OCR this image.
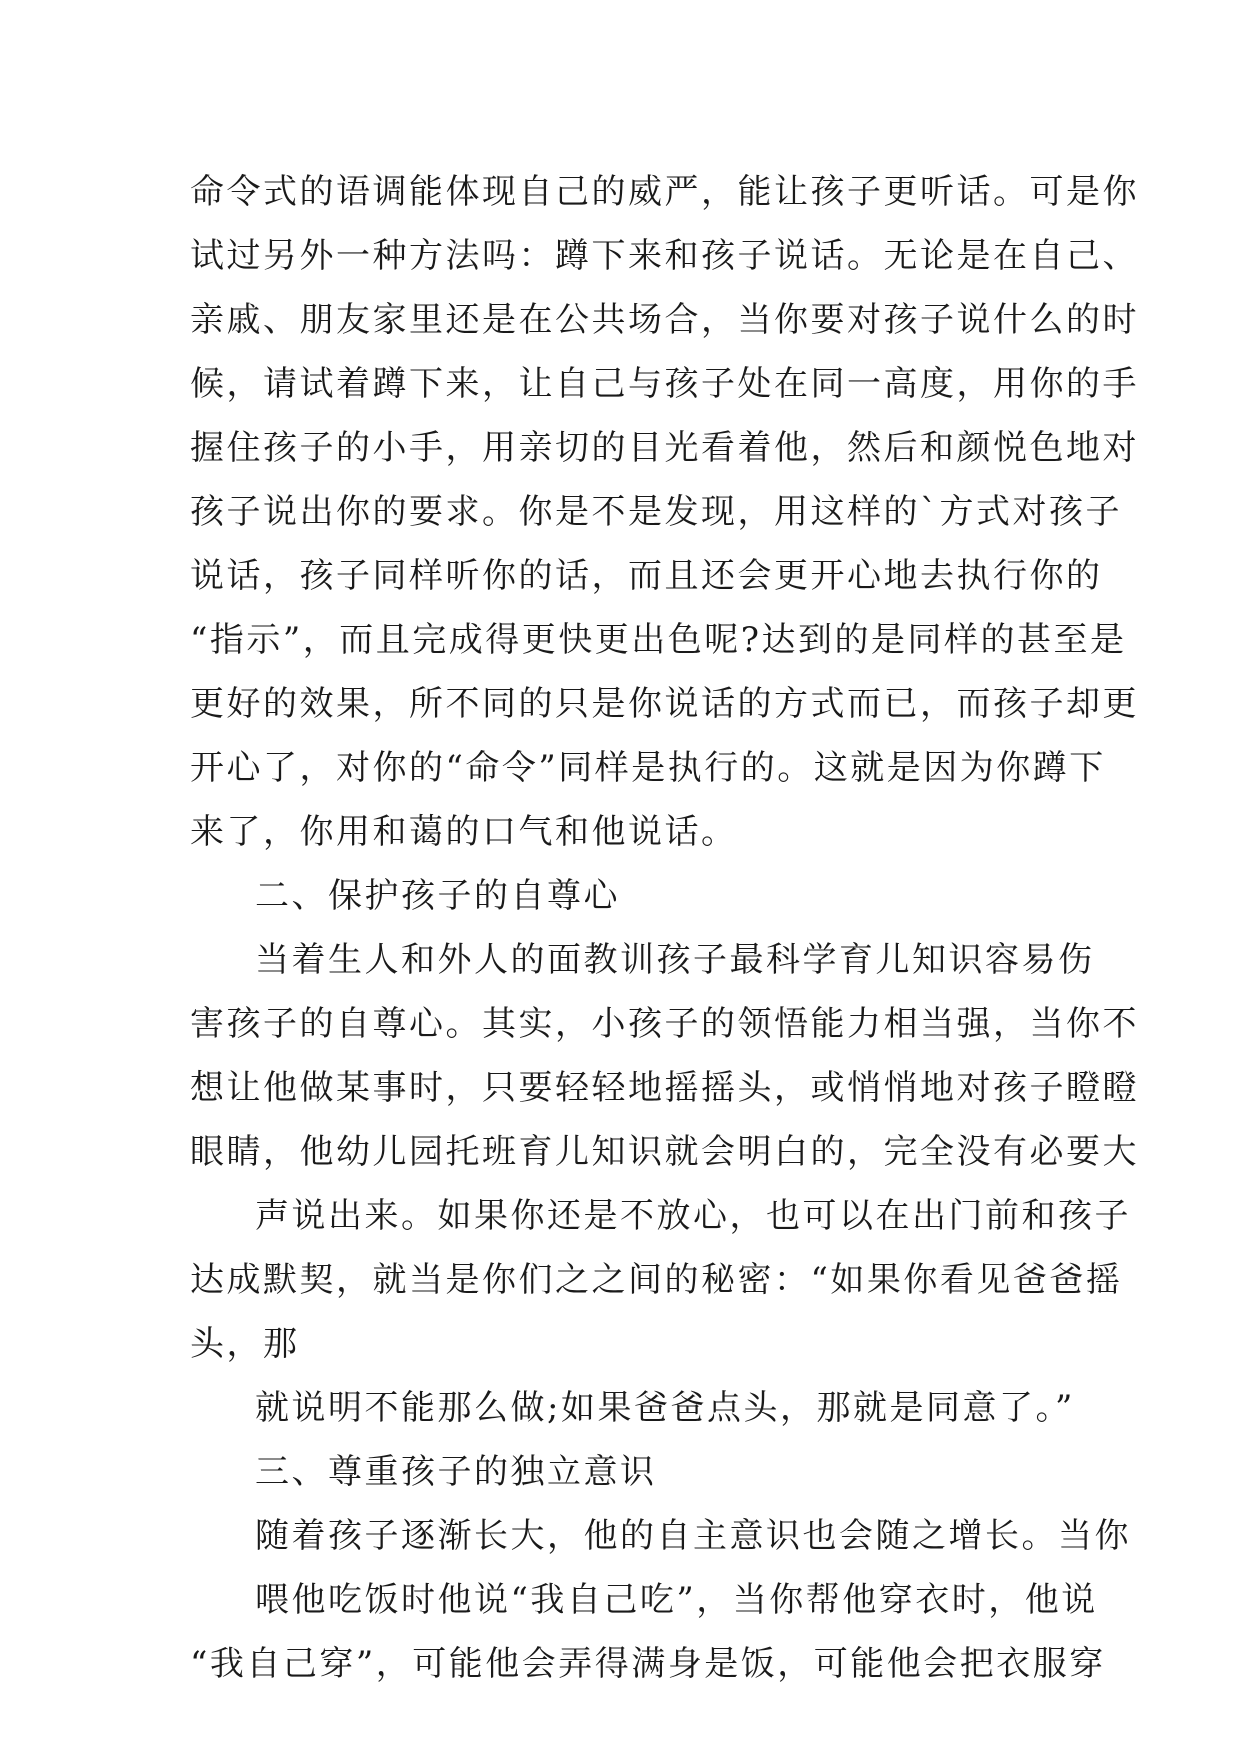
命令式的语调能体现自己的威严，能让孩子更听话。可是你
试过另外一种方法吗：蹲下来和孩子说话。无论是在自己、
亲戚、朋友家里还是在公共场合，当你要对孩子说什么的时
候，请试着蹲下来，让自己与孩子处在同一高度，用你的手
握住孩子的小手，用亲切的目光看着他，然后和颜悦色地对
孩子说出你的要求。你是不是发现，用这样的`方式对孩子
说话，孩子同样听你的话，而且还会更开心地去执行你的
“指示”，而且完成得更快更出色呢?达到的是同样的甚至是
更好的效果，所不同的只是你说话的方式而已，而孩子却更
开心了，对你的“命令”同样是执行的。这就是因为你蹲下
来了，你用和蔼的口气和他说话。
二、保护孩子的自尊心
当着生人和外人的面教训孩子最科学育儿知识容易伤
害孩子的自尊心。其实，小孩子的领悟能力相当强，当你不
想让他做某事时，只要轻轻地摇摇头，或悄悄地对孩子瞪瞪
眼睛，他幼儿园托班育儿知识就会明白的，完全没有必要大
声说出来。如果你还是不放心，也可以在出门前和孩子
达成默契，就当是你们之之间的秘密：“如果你看见爸爸摇
头，那
就说明不能那么做;如果爸爸点头，那就是同意了。”
三、尊重孩子的独立意识
随着孩子逐渐长大，他的自主意识也会随之增长。当你
喂他吃饭时他说“我自己吃”，当你帮他穿衣时，他说
“我自己穿”，可能他会弄得满身是饭，可能他会把衣服穿
